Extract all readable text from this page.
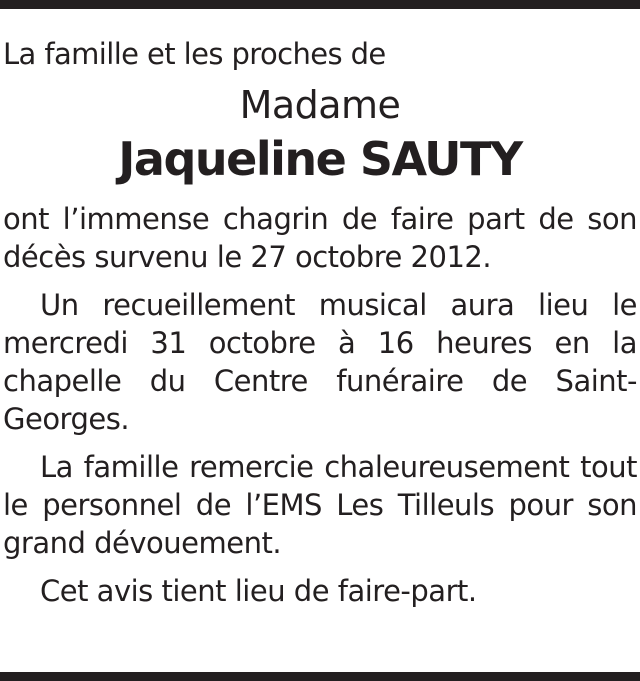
La famille et les proches de

Madame

Jaqueline SAUTY

ont l’immense chagrin de faire part de son décès survenu le 27 octobre 2012.

Un recueillement musical aura lieu le mercredi 31 octobre à 16 heures en la chapelle du Centre funéraire de Saint-Georges.

La famille remercie chaleureusement tout le personnel de l’EMS Les Tilleuls pour son grand dévouement.

Cet avis tient lieu de faire-part.
